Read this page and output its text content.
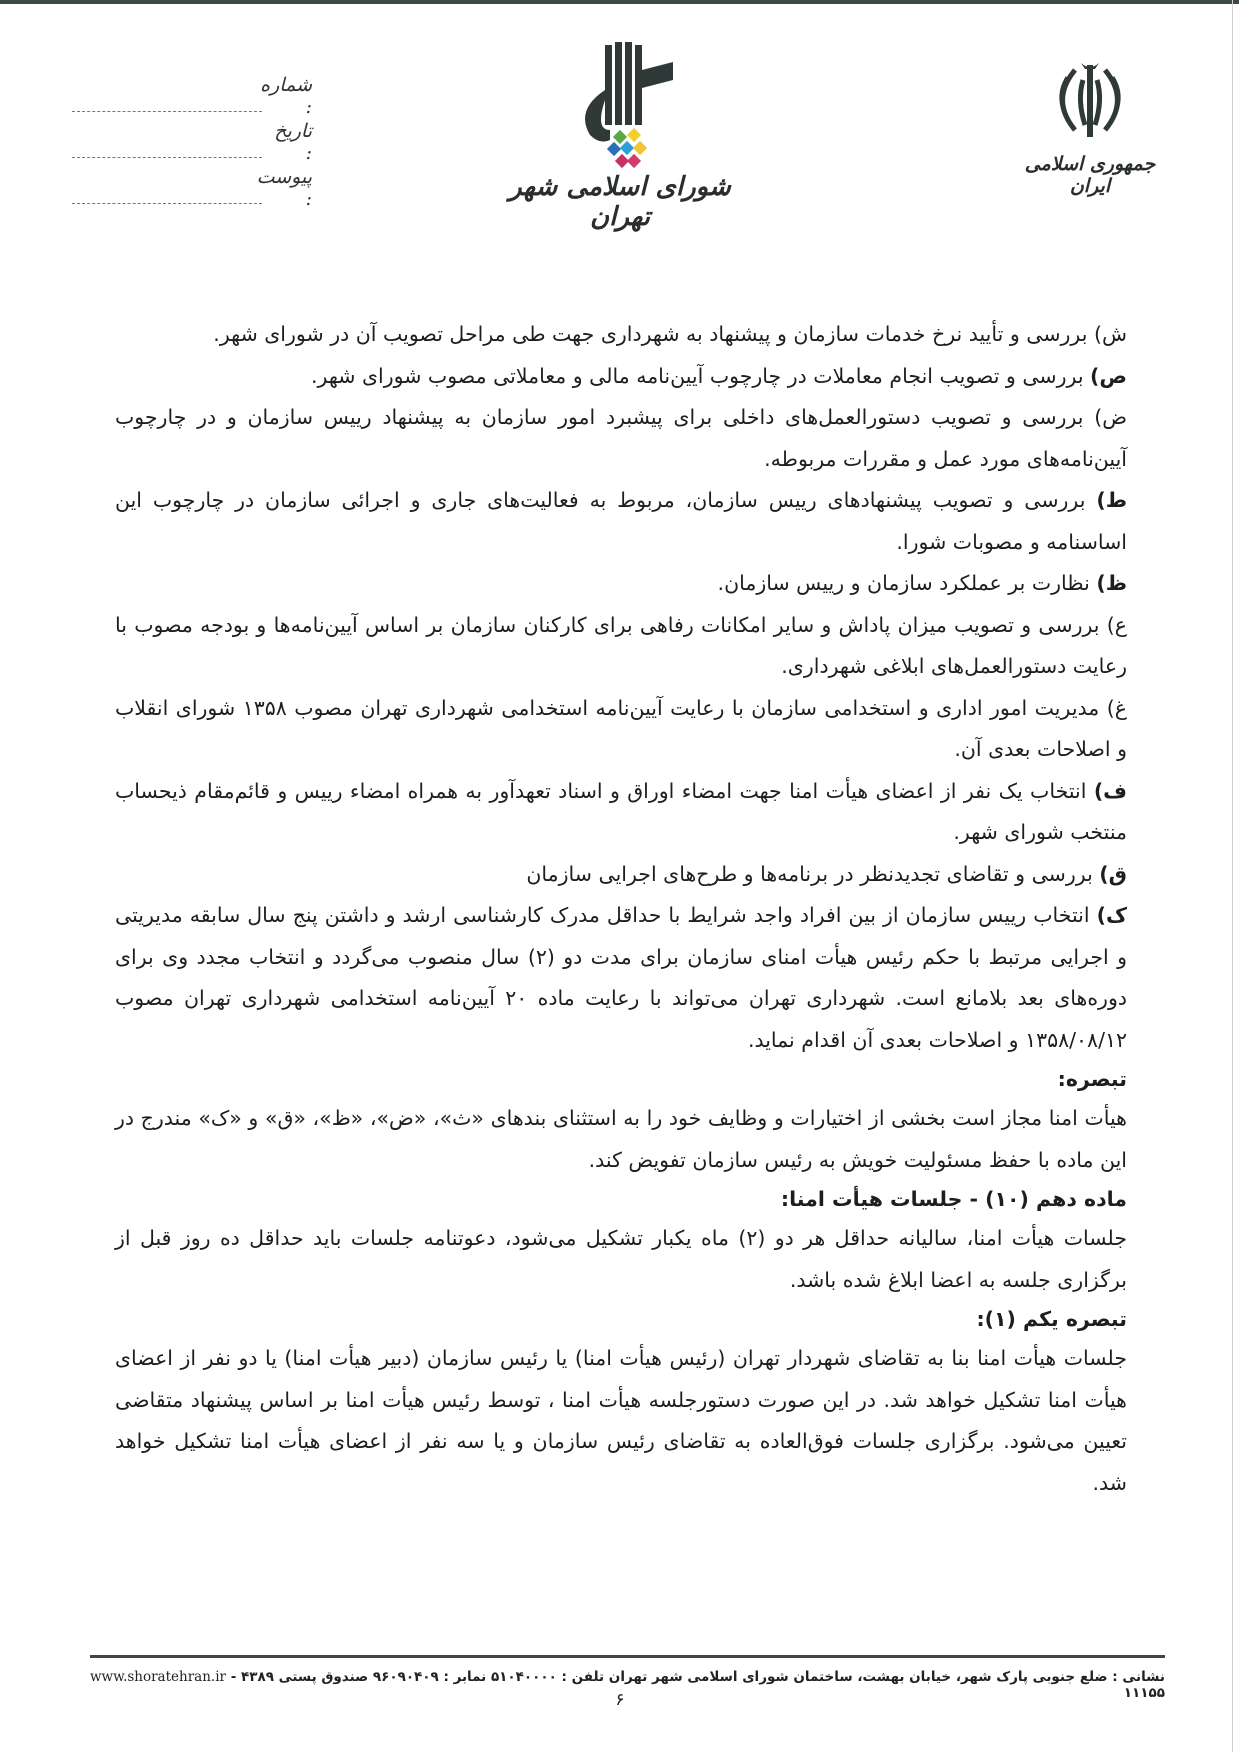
شماره :
تاریخ :
پیوست :	شورای اسلامی شهر تهران
جمهوری اسلامی ایران

ش) بررسی و تأیید نرخ خدمات سازمان و پیشنهاد به شهرداری جهت طی مراحل تصویب آن در شورای شهر.

ص) بررسی و تصویب انجام معاملات در چارچوب آیین‌نامه مالی و معاملاتی مصوب شورای شهر.

ض) بررسی و تصویب دستورالعمل‌های داخلی برای پیشبرد امور سازمان به پیشنهاد رییس سازمان و در چارچوب آیین‌نامه‌های مورد عمل و مقررات مربوطه.

ط) بررسی و تصویب پیشنهادهای رییس سازمان، مربوط به فعالیت‌های جاری و اجرائی سازمان در چارچوب این اساسنامه و مصوبات شورا.

ظ) نظارت بر عملکرد سازمان و رییس سازمان.

ع) بررسی و تصویب میزان پاداش و سایر امکانات رفاهی برای کارکنان سازمان بر اساس آیین‌نامه‌ها و بودجه مصوب با رعایت دستورالعمل‌های ابلاغی شهرداری.

غ) مدیریت امور اداری و استخدامی سازمان با رعایت آیین‌نامه استخدامی شهرداری تهران مصوب ۱۳۵۸ شورای انقلاب و اصلاحات بعدی آن.

ف) انتخاب یک نفر از اعضای هیأت امنا جهت امضاء اوراق و اسناد تعهدآور به همراه امضاء رییس و قائم‌مقام ذیحساب منتخب شورای شهر.

ق) بررسی و تقاضای تجدیدنظر در برنامه‌ها و طرح‌های اجرایی سازمان

ک) انتخاب رییس سازمان از بین افراد واجد شرایط با حداقل مدرک کارشناسی ارشد و داشتن پنج سال سابقه مدیریتی و اجرایی مرتبط با حکم رئیس هیأت امنای سازمان برای مدت دو (۲) سال منصوب می‌گردد و انتخاب مجدد وی برای دوره‌های بعد بلامانع است. شهرداری تهران می‌تواند با رعایت ماده ۲۰ آیین‌نامه استخدامی شهرداری تهران مصوب ۱۳۵۸/۰۸/۱۲ و اصلاحات بعدی آن اقدام نماید.

تبصره:

هیأت امنا مجاز است بخشی از اختیارات و وظایف خود را به استثنای بندهای «ث»، «ض»، «ظ»، «ق» و «ک» مندرج در این ماده با حفظ مسئولیت خویش به رئیس سازمان تفویض کند.

ماده دهم (۱۰) - جلسات هیأت امنا:

جلسات هیأت امنا، سالیانه حداقل هر دو (۲) ماه یکبار تشکیل می‌شود، دعوتنامه جلسات باید حداقل ده روز قبل از برگزاری جلسه به اعضا ابلاغ شده باشد.

تبصره یکم (۱):

جلسات هیأت امنا بنا به تقاضای شهردار تهران (رئیس هیأت امنا) یا رئیس سازمان (دبیر هیأت امنا) یا دو نفر از اعضای هیأت امنا تشکیل خواهد شد. در این صورت دستورجلسه هیأت امنا ، توسط رئیس هیأت امنا بر اساس پیشنهاد متقاضی تعیین می‌شود. برگزاری جلسات فوق‌العاده به تقاضای رئیس سازمان و یا سه نفر از اعضای هیأت امنا تشکیل خواهد شد.

نشانی : ضلع جنوبی پارک شهر، خیابان بهشت، ساختمان شورای اسلامی شهر تهران تلفن : ۵۱۰۴۰۰۰۰ نمابر : ۹۶۰۹۰۴۰۹ صندوق پستی ۴۳۸۹ - ۱۱۱۵۵
www.shoratehran.ir
۶
